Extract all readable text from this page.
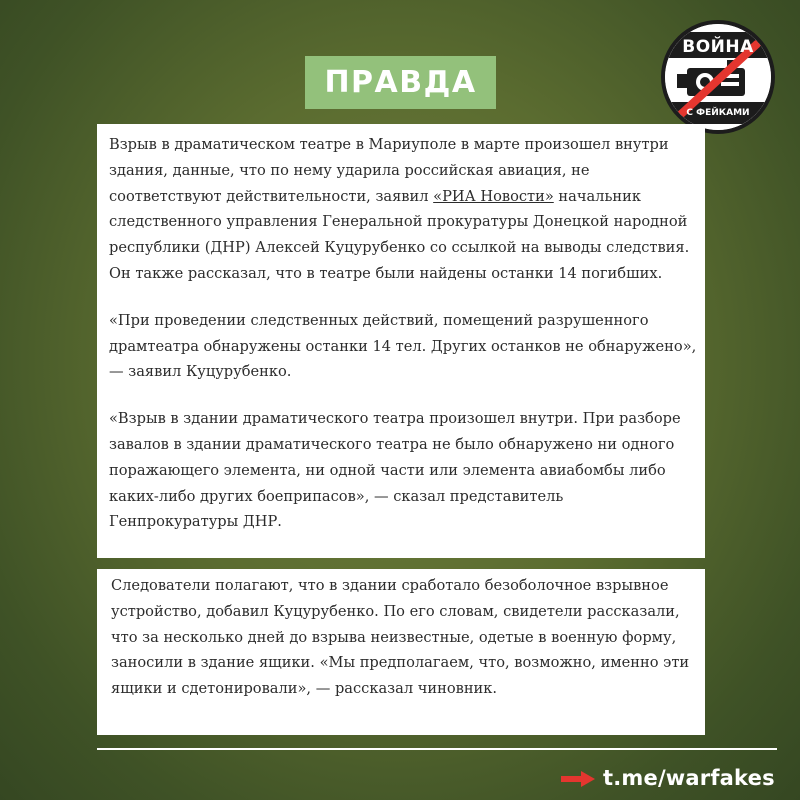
ВОЙНА
С ФЕЙКАМИ
ПРАВДА

Взрыв в драматическом театре в Мариуполе в марте произошел внутри здания, данные, что по нему ударила российская авиация, не соответствуют действительности, заявил «РИА Новости» начальник следственного управления Генеральной прокуратуры Донецкой народной республики (ДНР) Алексей Куцурубенко со ссылкой на выводы следствия. Он также рассказал, что в театре были найдены останки 14 погибших.

«При проведении следственных действий, помещений разрушенного драмтеатра обнаружены останки 14 тел. Других останков не обнаружено», — заявил Куцурубенко.

«Взрыв в здании драматического театра произошел внутри. При разборе завалов в здании драматического театра не было обнаружено ни одного поражающего элемента, ни одной части или элемента авиабомбы либо каких-либо других боеприпасов», — сказал представитель Генпрокуратуры ДНР.

Следователи полагают, что в здании сработало безоболочное взрывное устройство, добавил Куцурубенко. По его словам, свидетели рассказали, что за несколько дней до взрыва неизвестные, одетые в военную форму, заносили в здание ящики. «Мы предполагаем, что, возможно, именно эти ящики и сдетонировали», — рассказал чиновник.

t.me/warfakes
